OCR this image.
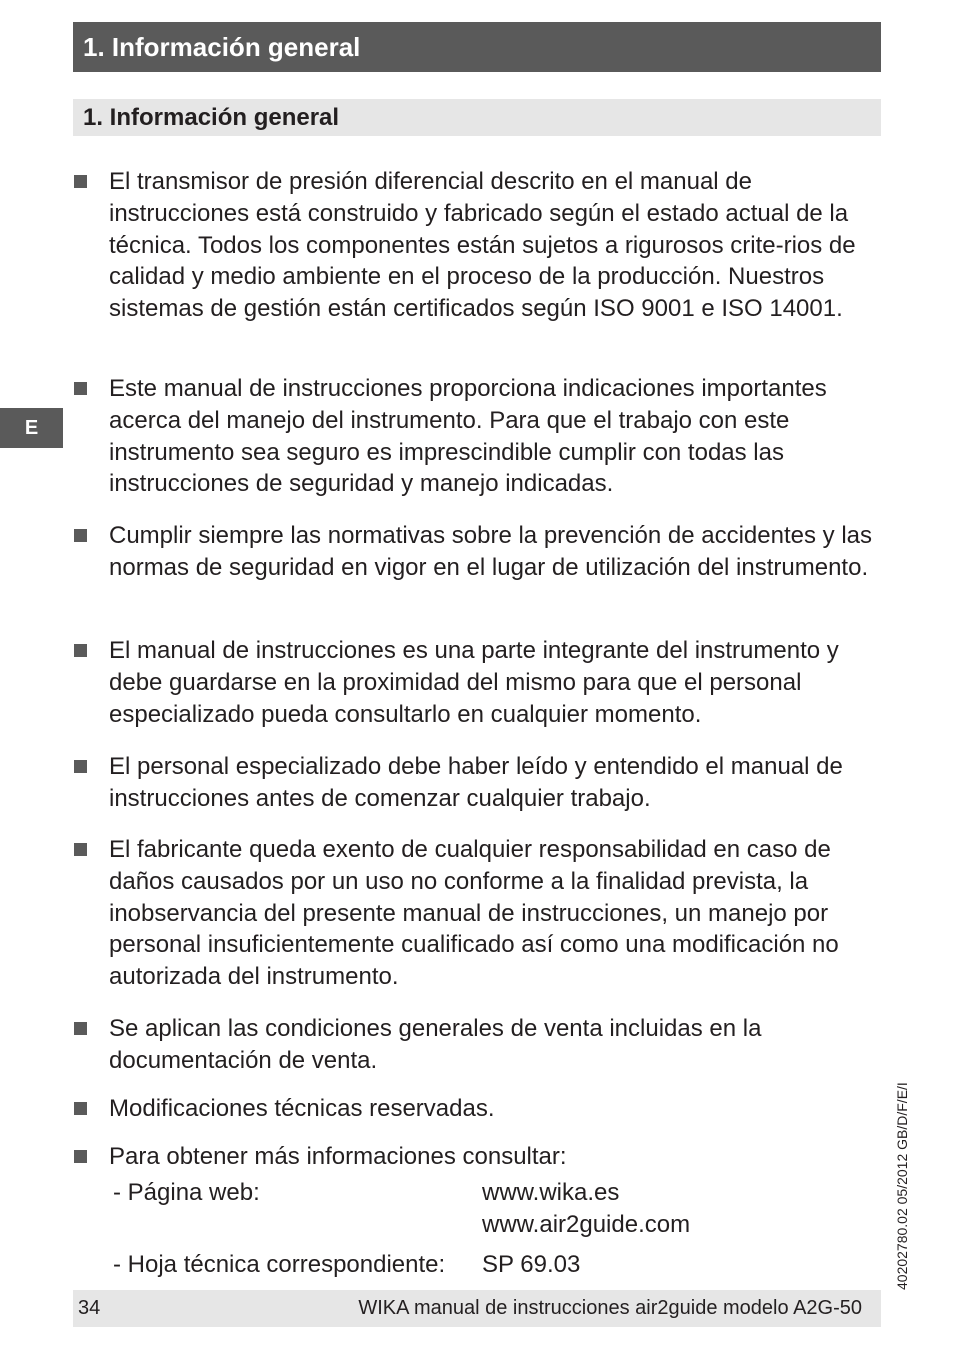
1. Información general
1. Información general
E
El transmisor de presión diferencial descrito en el manual de instrucciones está construido y fabricado según el estado actual de la técnica. Todos los componentes están sujetos a rigurosos crite-rios de calidad y medio ambiente en el proceso de la producción. Nuestros sistemas de gestión están certificados según ISO 9001 e ISO 14001.
Este manual de instrucciones proporciona indicaciones importantes acerca del manejo del instrumento. Para que el trabajo con este instrumento sea seguro es imprescindible cumplir con todas las instrucciones de seguridad y manejo indicadas.
Cumplir siempre las normativas sobre la prevención de accidentes y las normas de seguridad en vigor en el lugar de utilización del instrumento.
El manual de instrucciones es una parte integrante del instrumento y debe guardarse en la proximidad del mismo para que el personal especializado pueda consultarlo en cualquier momento.
El personal especializado debe haber leído y entendido el manual de instrucciones antes de comenzar cualquier trabajo.
El fabricante queda exento de cualquier responsabilidad en caso de daños causados por un uso no conforme a la finalidad prevista, la inobservancia del presente manual de instrucciones, un manejo por personal insuficientemente cualificado así como una modificación no autorizada del instrumento.
Se aplican las condiciones generales de venta incluidas en la documentación de venta.
Modificaciones técnicas reservadas.
Para obtener más informaciones consultar:
- Página web:	www.wika.es
www.air2guide.com
- Hoja técnica correspondiente: SP 69.03	40202780.02 05/2012 GB/D/F/E/I
34	WIKA manual de instrucciones air2guide modelo A2G-50
